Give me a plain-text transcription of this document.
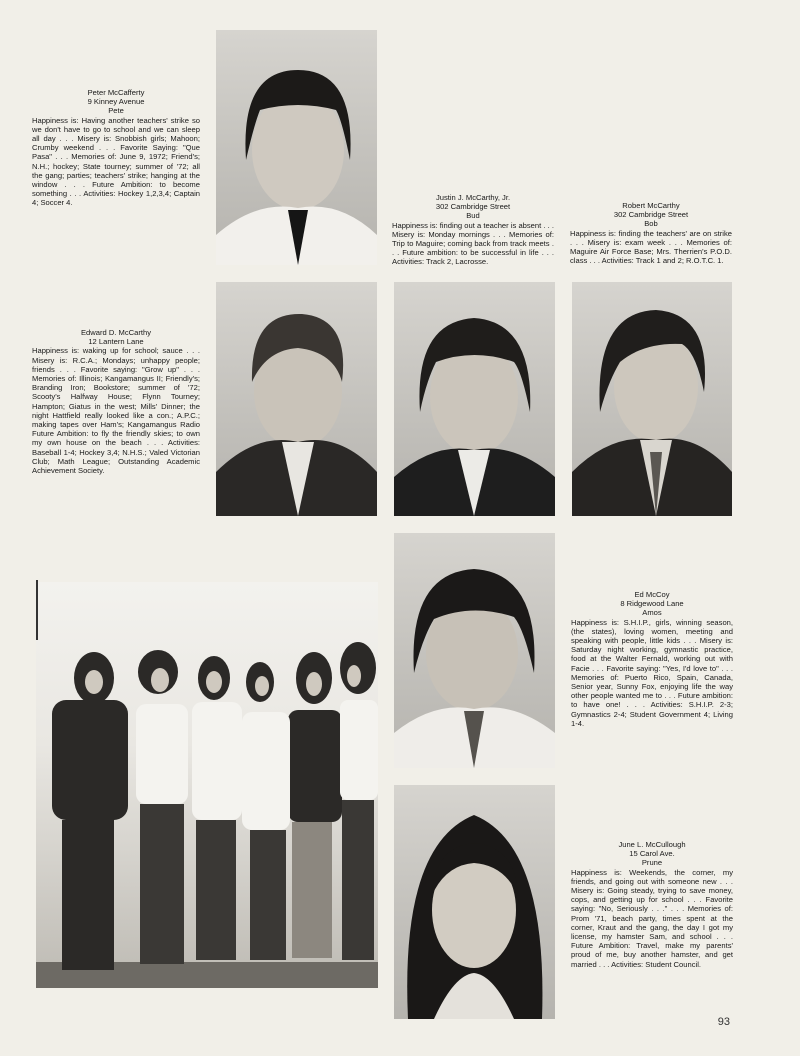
Peter McCafferty
9 Kinney Avenue
Pete
Happiness is: Having another teachers' strike so we don't have to go to school and we can sleep all day . . . Misery is: Snobbish girls; Mahoon; Crumby weekend . . . Favorite Saying: "Que Pasa" . . . Memories of: June 9, 1972; Friend's; N.H.; hockey; State tourney; summer of '72; all the gang; parties; teachers' strike; hanging at the window . . . Future Ambition: to become something . . . Activities: Hockey 1,2,3,4; Captain 4; Soccer 4.
Justin J. McCarthy, Jr.
302 Cambridge Street
Bud
Happiness is: finding out a teacher is absent . . . Misery is: Monday mornings . . . Memories of: Trip to Maguire; coming back from track meets . . . Future ambition: to be successful in life . . . Activities: Track 2, Lacrosse.
Robert McCarthy
302 Cambridge Street
Bob
Happiness is: finding the teachers' are on strike . . . Misery is: exam week . . . Memories of: Maguire Air Force Base; Mrs. Therrien's P.O.D. class . . . Activities: Track 1 and 2; R.O.T.C. 1.
Edward D. McCarthy
12 Lantern Lane
Happiness is: waking up for school; sauce . . . Misery is: R.C.A.; Mondays; unhappy people; friends . . . Favorite saying: "Grow up" . . . Memories of: Illinois; Kangamangus II; Friendly's; Branding Iron; Bookstore; summer of '72; Scooty's Halfway House; Flynn Tourney; Hampton; Giatus in the west; Mills' Dinner; the night Hattfield really looked like a con.; A.P.C.; making tapes over Ham's; Kangamangus Radio Future Ambition: to fly the friendly skies; to own my own house on the beach . . . Activities: Baseball 1-4; Hockey 3,4; N.H.S.; Valed Victorian Club; Math League; Outstanding Academic Achievement Society.
Ed McCoy
8 Ridgewood Lane
Amos
Happiness is: S.H.I.P., girls, winning season, (the states), loving women, meeting and speaking with people, little kids . . . Misery is: Saturday night working, gymnastic practice, food at the Walter Fernald, working out with Facie . . . Favorite saying: "Yes, I'd love to" . . . Memories of: Puerto Rico, Spain, Canada, Senior year, Sunny Fox, enjoying life the way other people wanted me to . . . Future ambition: to have one! . . . Activities: S.H.I.P. 2-3; Gymnastics 2-4; Student Government 4; Living 1-4.
June L. McCullough
15 Carol Ave.
Prune
Happiness is: Weekends, the corner, my friends, and going out with someone new . . . Misery is: Going steady, trying to save money, cops, and getting up for school . . . Favorite saying: "No, Seriously . . ." . . . Memories of: Prom '71, beach party, times spent at the corner, Kraut and the gang, the day I got my license, my hamster Sam, and school . . . Future Ambition: Travel, make my parents' proud of me, buy another hamster, and get married . . . Activities: Student Council.
93
